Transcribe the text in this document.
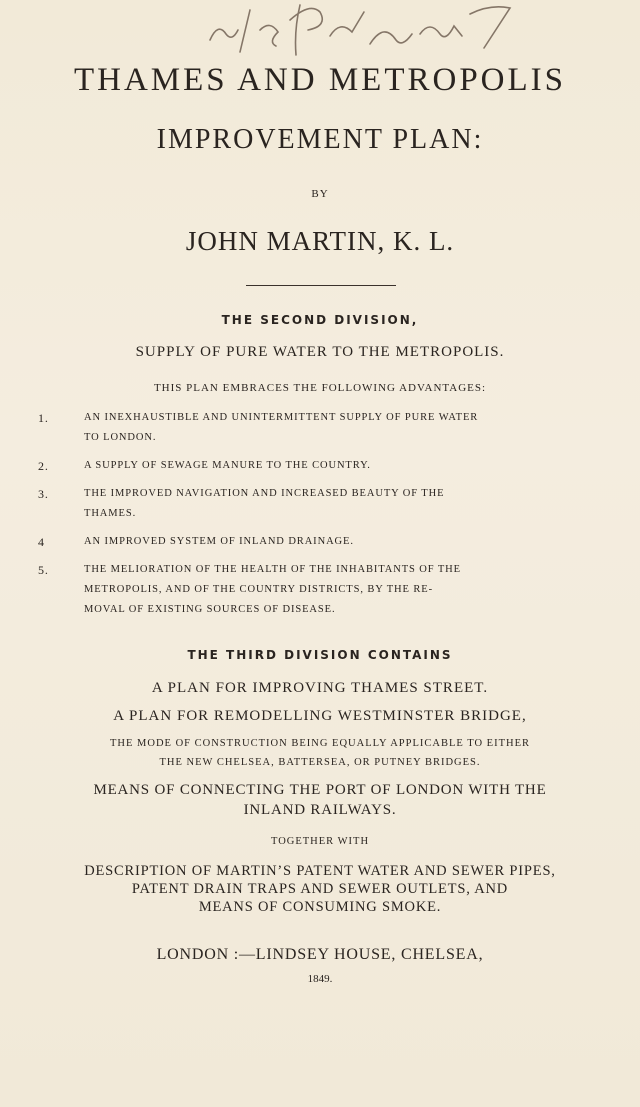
THAMES AND METROPOLIS
IMPROVEMENT PLAN:
BY
JOHN MARTIN, K. L.
THE SECOND DIVISION,
SUPPLY OF PURE WATER TO THE METROPOLIS.
THIS PLAN EMBRACES THE FOLLOWING ADVANTAGES:
1.	AN INEXHAUSTIBLE AND UNINTERMITTENT SUPPLY OF PURE WATER
TO LONDON.
2.	A SUPPLY OF SEWAGE MANURE TO THE COUNTRY.
3.	THE IMPROVED NAVIGATION AND INCREASED BEAUTY OF THE
THAMES.
4	AN IMPROVED SYSTEM OF INLAND DRAINAGE.
5.	THE MELIORATION OF THE HEALTH OF THE INHABITANTS OF THE
METROPOLIS, AND OF THE COUNTRY DISTRICTS, BY THE RE-
MOVAL OF EXISTING SOURCES OF DISEASE.
THE THIRD DIVISION CONTAINS
A PLAN FOR IMPROVING THAMES STREET.
A PLAN FOR REMODELLING WESTMINSTER BRIDGE,
THE MODE OF CONSTRUCTION BEING EQUALLY APPLICABLE TO EITHER
THE NEW CHELSEA, BATTERSEA, OR PUTNEY BRIDGES.
MEANS OF CONNECTING THE PORT OF LONDON WITH THE
INLAND RAILWAYS.
TOGETHER WITH
DESCRIPTION OF MARTIN’S PATENT WATER AND SEWER PIPES,
PATENT DRAIN TRAPS AND SEWER OUTLETS, AND
MEANS OF CONSUMING SMOKE.
LONDON :—LINDSEY HOUSE, CHELSEA,
1849.
